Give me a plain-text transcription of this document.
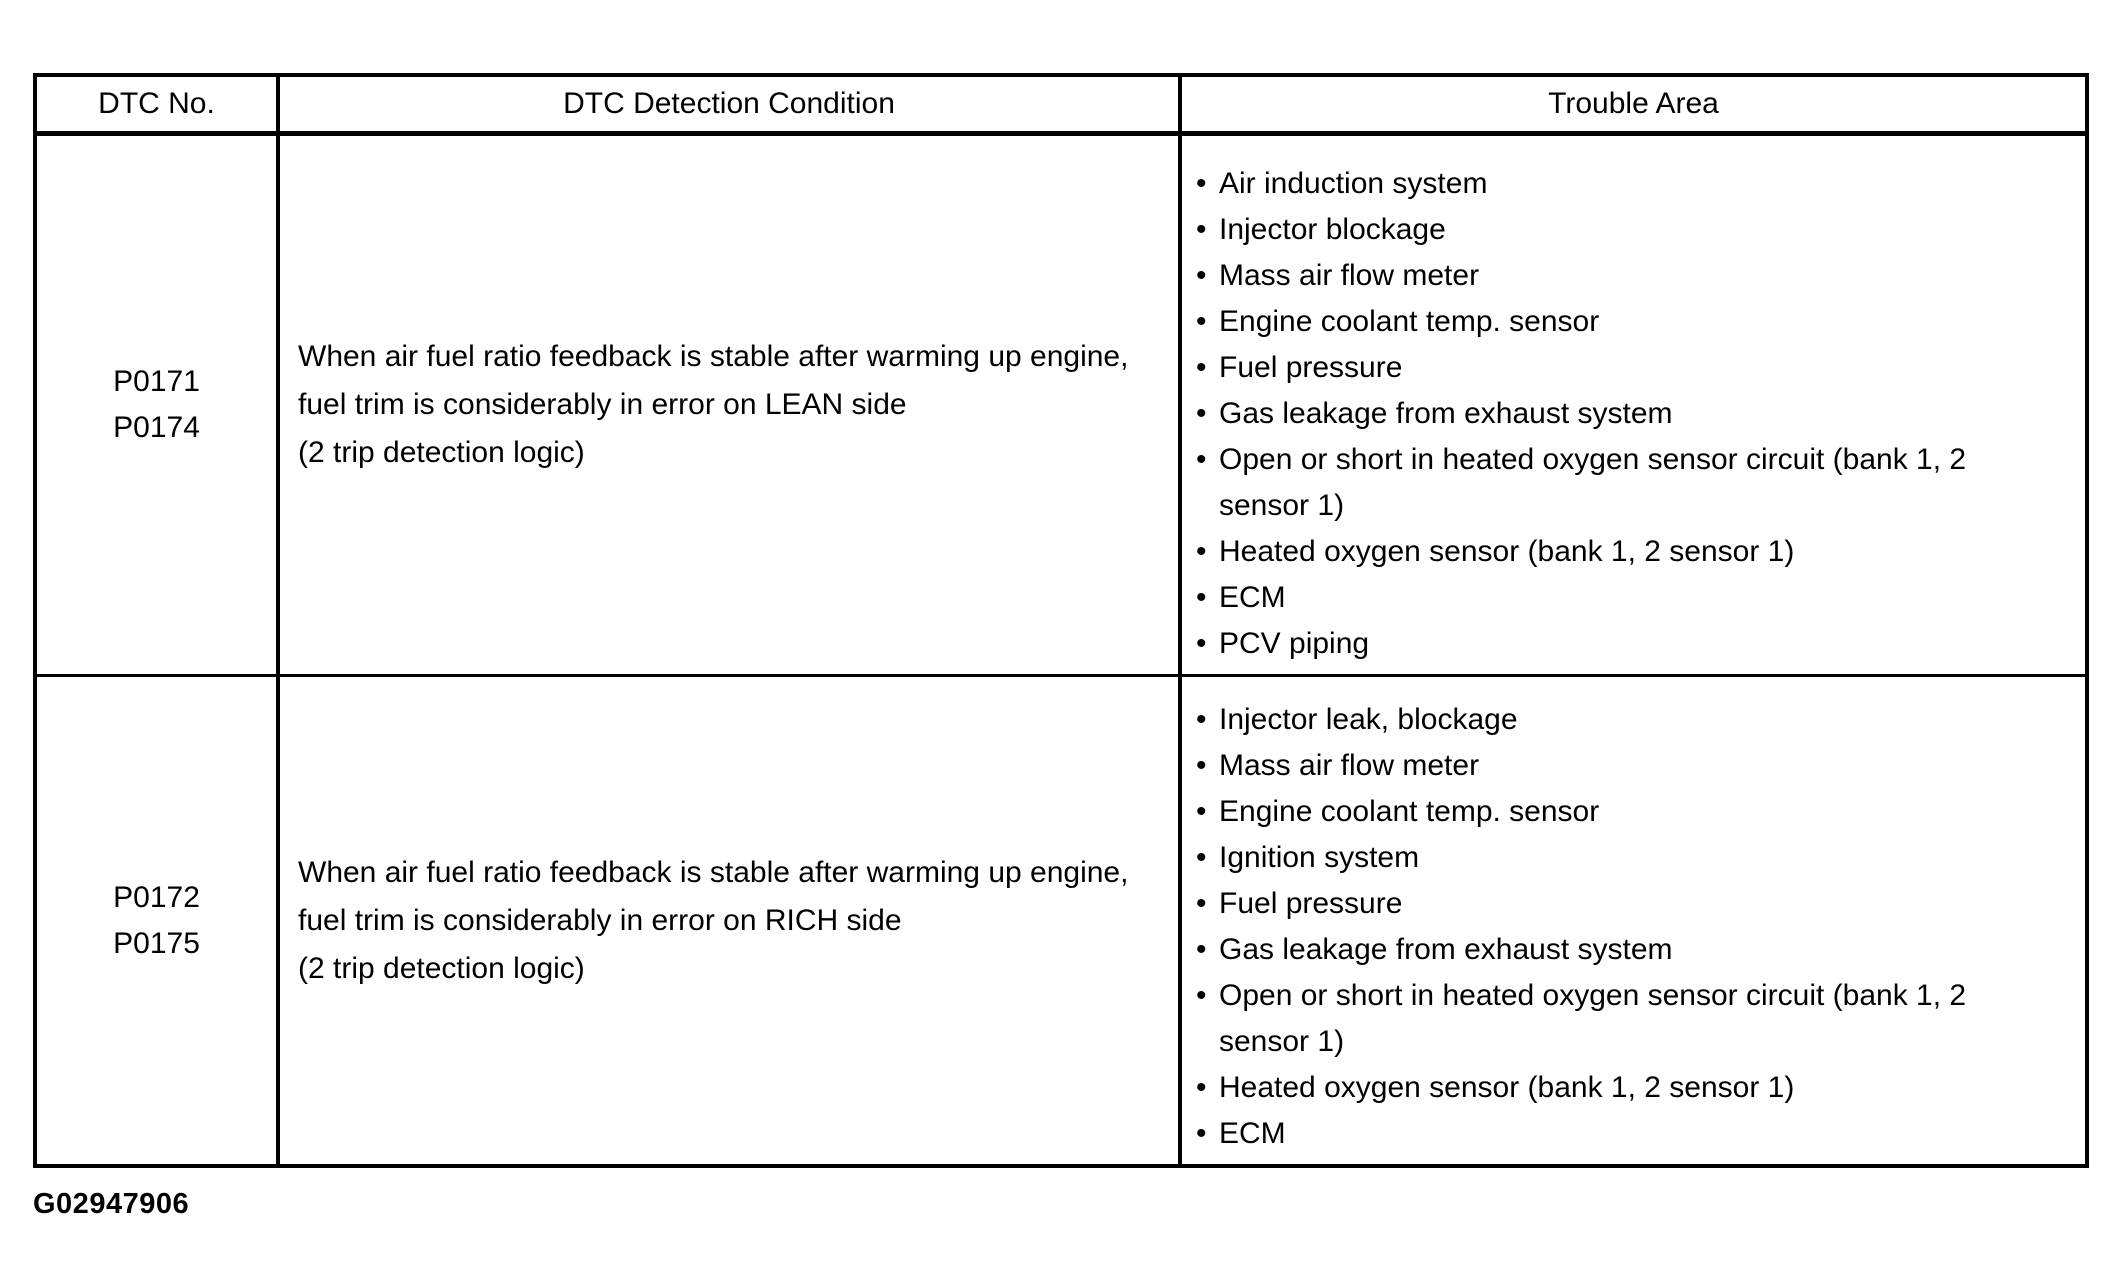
DTC No.	DTC Detection Condition	Trouble Area
P0171
P0174
When air fuel ratio feedback is stable after warming up engine,
fuel trim is considerably in error on LEAN side
(2 trip detection logic)
• Air induction system
• Injector blockage
• Mass air flow meter
• Engine coolant temp. sensor
• Fuel pressure
• Gas leakage from exhaust system
• Open or short in heated oxygen sensor circuit (bank 1, 2 sensor 1)
• Heated oxygen sensor (bank 1, 2 sensor 1)
• ECM
• PCV piping
P0172
P0175
When air fuel ratio feedback is stable after warming up engine,
fuel trim is considerably in error on RICH side
(2 trip detection logic)
• Injector leak, blockage
• Mass air flow meter
• Engine coolant temp. sensor
• Ignition system
• Fuel pressure
• Gas leakage from exhaust system
• Open or short in heated oxygen sensor circuit (bank 1, 2 sensor 1)
• Heated oxygen sensor (bank 1, 2 sensor 1)
• ECM
G02947906
